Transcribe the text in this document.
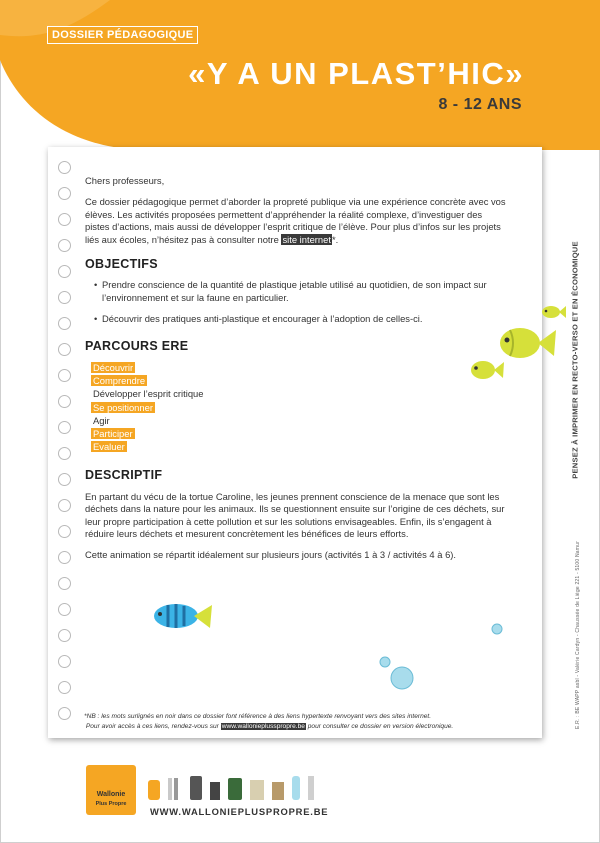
DOSSIER PÉDAGOGIQUE
«Y A UN PLAST’HIC»
8 - 12 ANS

Chers professeurs,

Ce dossier pédagogique permet d’aborder la propreté publique via une expérience concrète avec vos élèves. Les activités proposées permettent d’appréhender la réalité complexe, d’investiguer des pistes d’actions, mais aussi de développer l’esprit critique de l’élève. Pour plus d’infos sur les projets liés aux écoles, n’hésitez pas à consulter notre site internet*.

OBJECTIFS
• Prendre conscience de la quantité de plastique jetable utilisé au quotidien, de son impact sur l’environnement et sur la faune en particulier.
• Découvrir des pratiques anti-plastique et encourager à l’adoption de celles-ci.
PARCOURS ERE
Découvrir
Comprendre
Développer l’esprit critique
Se positionner
Agir
Participer
Evaluer
DESCRIPTIF

En partant du vécu de la tortue Caroline, les jeunes prennent conscience de la menace que sont les déchets dans la nature pour les animaux. Ils se questionnent ensuite sur l’origine de ces déchets, sur leur propre participation à cette pollution et sur les solutions envisageables. Enfin, ils s’engagent à réduire leurs déchets et mesurent concrètement les bénéfices de leurs efforts.

Cette animation se répartit idéalement sur plusieurs jours (activités 1 à 3 / activités 4 à 6).

*NB : les mots surlignés en noir dans ce dossier font référence à des liens hypertexte renvoyant vers des sites internet.
Pour avoir accès à ces liens, rendez-vous sur www.wallonieplusspropre.be pour consulter ce dossier en version électronique.
PENSEZ À IMPRIMER EN RECTO-VERSO ET EN ÉCONOMIQUE
E.R. : BE WAPP asbl - Valérie Cardyn - Chaussée de Liège 221 - 5100 Namur
Wallonie
Plus Propre
WWW.WALLONIEPLUSPROPRE.BE
